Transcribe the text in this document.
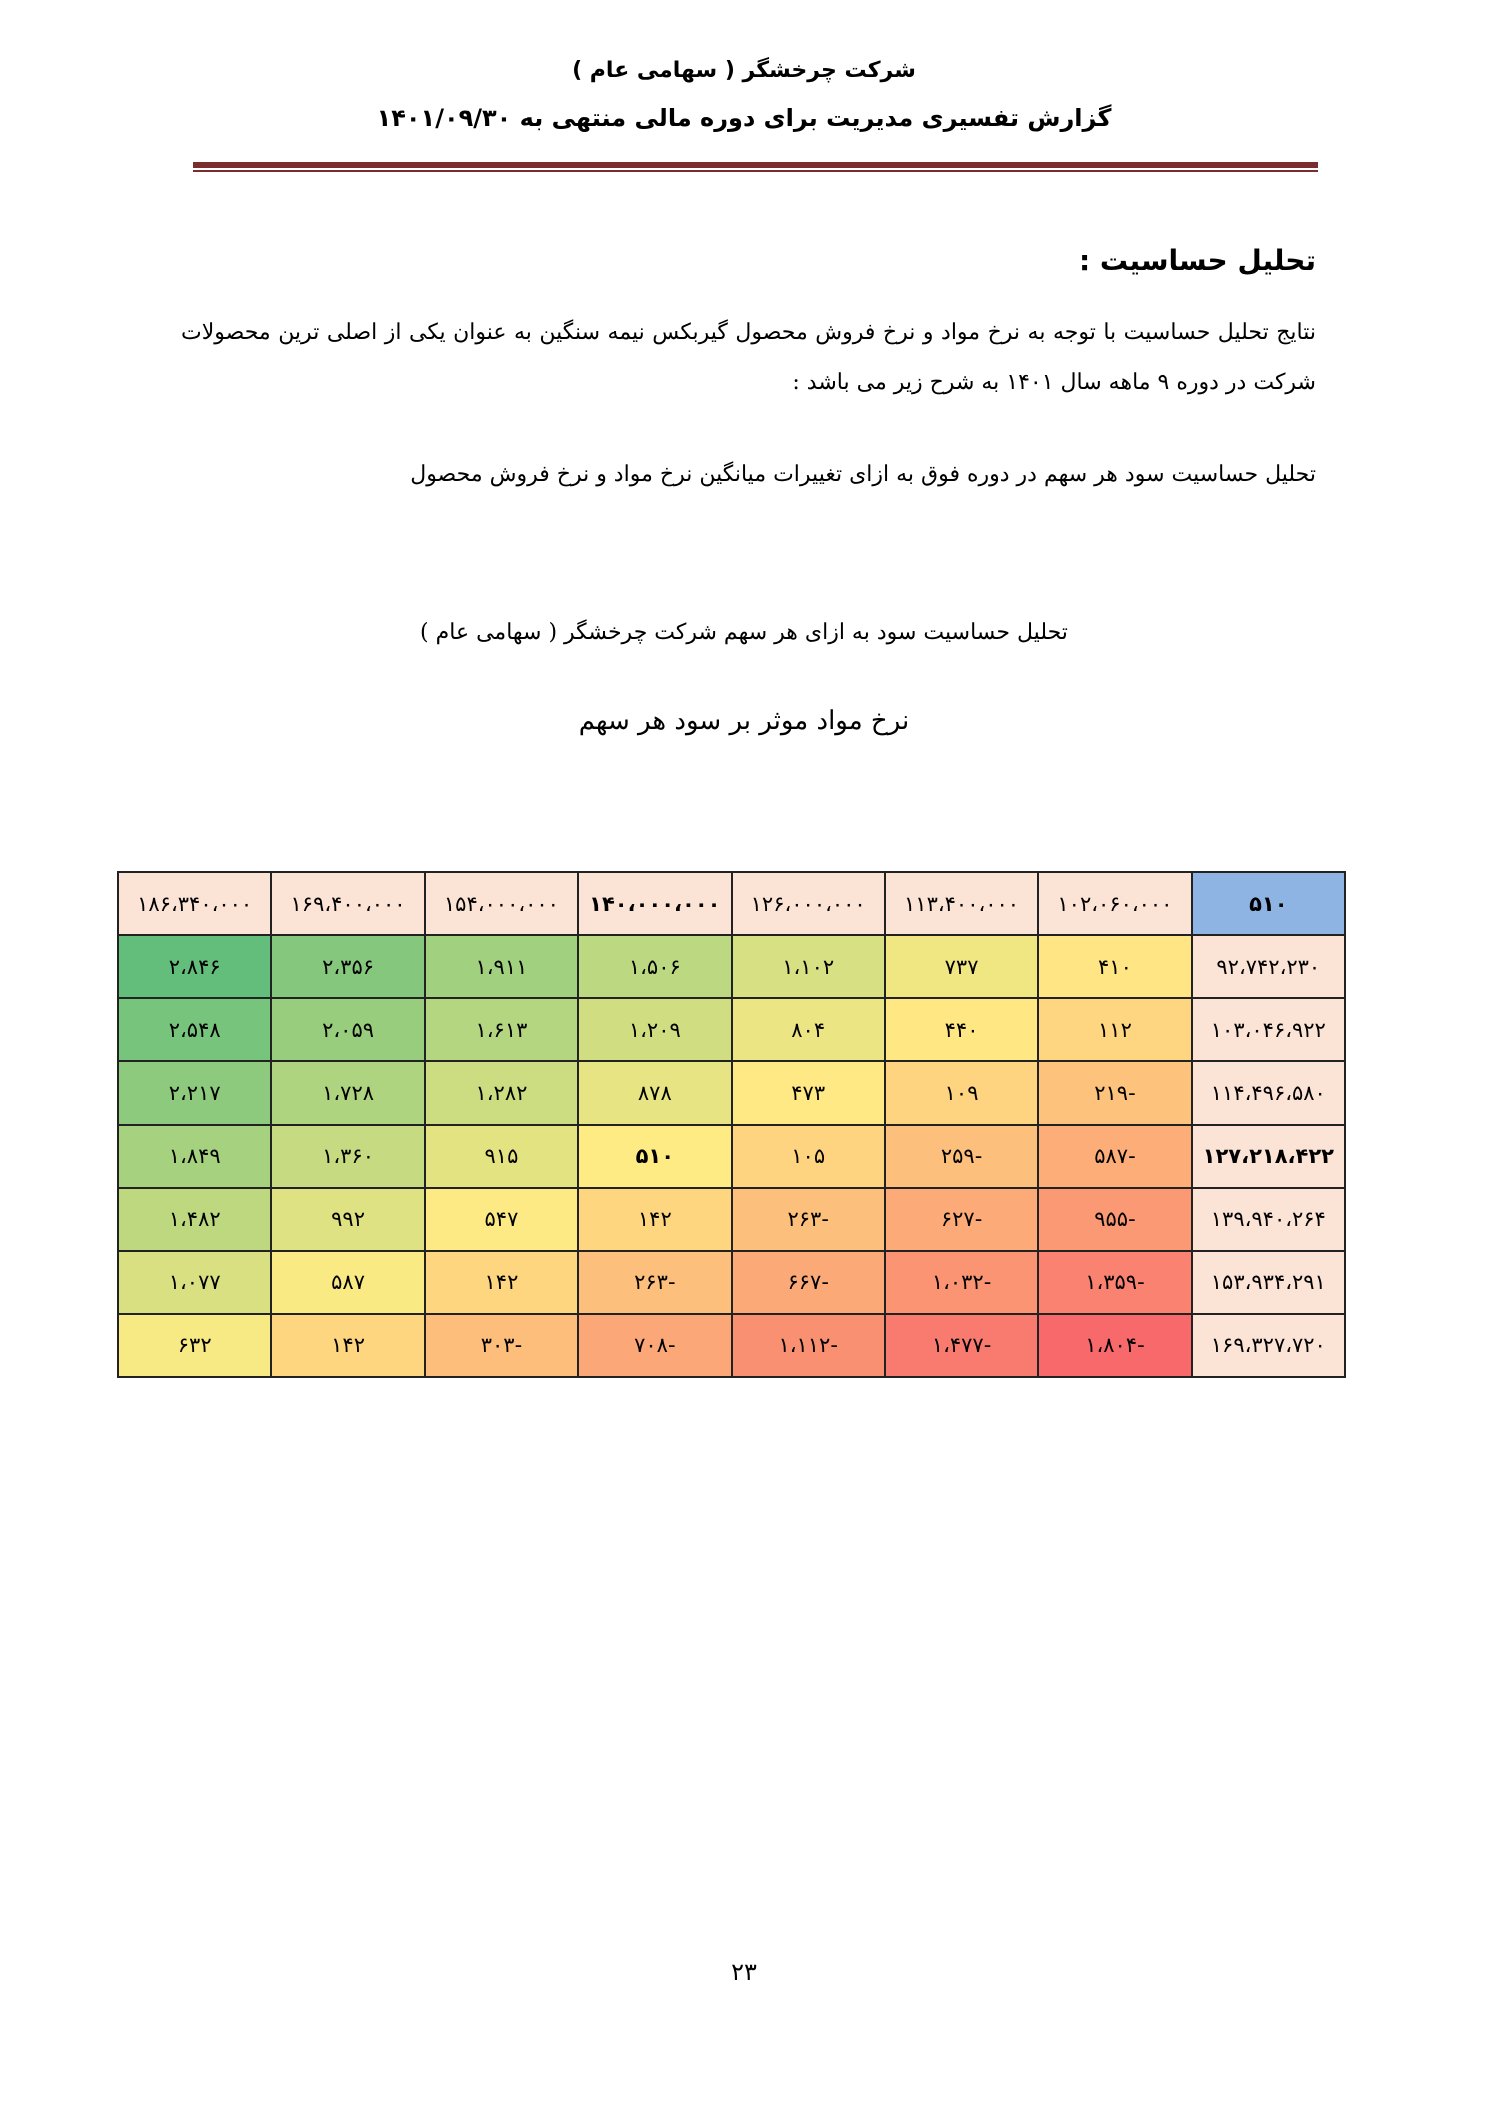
شرکت چرخشگر ( سهامی عام )
گزارش تفسیری مدیریت برای دوره مالی منتهی به ۱۴۰۱/۰۹/۳۰
تحلیل حساسیت :
نتایج تحلیل حساسیت با توجه به نرخ مواد و نرخ فروش محصول گیربکس نیمه سنگین به عنوان یکی از اصلی ترین محصولات شرکت در دوره ۹ ماهه سال ۱۴۰۱ به شرح زیر می باشد :
تحلیل حساسیت سود هر سهم در دوره فوق به ازای تغییرات میانگین نرخ مواد و نرخ فروش محصول
تحلیل حساسیت سود به ازای هر سهم شرکت چرخشگر ( سهامی عام )
نرخ مواد موثر بر سود هر سهم
۵۱۰	۱۰۲،۰۶۰،۰۰۰	۱۱۳،۴۰۰،۰۰۰	۱۲۶،۰۰۰،۰۰۰	۱۴۰،۰۰۰،۰۰۰	۱۵۴،۰۰۰،۰۰۰	۱۶۹،۴۰۰،۰۰۰	۱۸۶،۳۴۰،۰۰۰
۹۲،۷۴۲،۲۳۰	۴۱۰	۷۳۷	۱،۱۰۲	۱،۵۰۶	۱،۹۱۱	۲،۳۵۶	۲،۸۴۶
۱۰۳،۰۴۶،۹۲۲	۱۱۲	۴۴۰	۸۰۴	۱،۲۰۹	۱،۶۱۳	۲،۰۵۹	۲،۵۴۸
۱۱۴،۴۹۶،۵۸۰	-۲۱۹	۱۰۹	۴۷۳	۸۷۸	۱،۲۸۲	۱،۷۲۸	۲،۲۱۷
۱۲۷،۲۱۸،۴۲۲	-۵۸۷	-۲۵۹	۱۰۵	۵۱۰	۹۱۵	۱،۳۶۰	۱،۸۴۹
۱۳۹،۹۴۰،۲۶۴	-۹۵۵	-۶۲۷	-۲۶۳	۱۴۲	۵۴۷	۹۹۲	۱،۴۸۲
۱۵۳،۹۳۴،۲۹۱	-۱،۳۵۹	-۱،۰۳۲	-۶۶۷	-۲۶۳	۱۴۲	۵۸۷	۱،۰۷۷
۱۶۹،۳۲۷،۷۲۰	-۱،۸۰۴	-۱،۴۷۷	-۱،۱۱۲	-۷۰۸	-۳۰۳	۱۴۲	۶۳۲
۲۳
